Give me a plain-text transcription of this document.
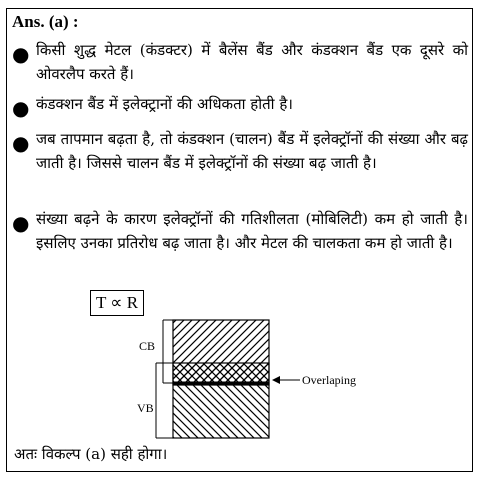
Ans. (a) :
● किसी शुद्ध मेटल (कंडक्टर) में बैलेंस बैंड और कंडक्शन बैंड एक दूसरे को ओवरलैप करते हैं।
● कंडक्शन बैंड में इलेक्ट्रानों की अधिकता होती है।
● जब तापमान बढ़ता है, तो कंडक्शन (चालन) बैंड में इलेक्ट्रॉनों की संख्या और बढ़ जाती है। जिससे चालन बैंड में इलेक्ट्रॉनों की संख्या बढ़ जाती है।
● संख्या बढ़ने के कारण इलेक्ट्रॉनों की गतिशीलता (मोबिलिटी) कम हो जाती है। इसलिए उनका प्रतिरोध बढ़ जाता है। और मेटल की चालकता कम हो जाती है।
T ∝ R
CB
VB
Overlaping
अतः विकल्प (a) सही होगा।
